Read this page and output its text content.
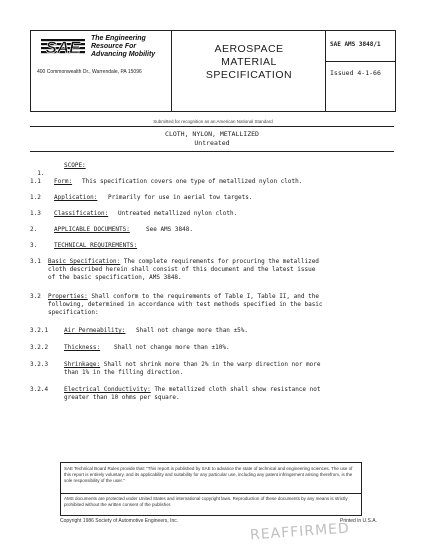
SAE The Engineering
Resource For
Advancing Mobility
400 Commonwealth Dr., Warrendale, PA 15096
AEROSPACE
MATERIAL
SPECIFICATION
SAE AMS 3848/1
Issued 4-1-66
Submitted for recognition as an American National Standard
CLOTH, NYLON, METALLIZED
Untreated

1.

SCOPE:
1.1 Form: This specification covers one type of metallized nylon cloth.
1.2 Application: Primarily for use in aerial tow targets.
1.3 Classification: Untreated metallized nylon cloth.
2.	APPLICABLE DOCUMENTS:	See AMS 3848.
3.	TECHNICAL REQUIREMENTS:
3.1 Basic Specification: The complete requirements for procuring the metallized
cloth described herein shall consist of this document and the latest issue
of the basic specification, AMS 3848.
3.2 Properties: Shall conform to the requirements of Table I, Table II, and the
following, determined in accordance with test methods specified in the basic
specification:
3.2.1	Air Permeability: Shall not change more than ±5%.
3.2.2	Thickness: Shall not change more than ±10%.
3.2.3	Shrinkage: Shall not shrink more than 2% in the warp direction nor more
than 1% in the filling direction.
3.2.4	Electrical Conductivity: The metallized cloth shall show resistance not
greater than 10 ohms per square.
SAE Technical Board Rules provide that: "This report is published by SAE to advance the state of technical and engineering sciences. The use of this report is entirely voluntary, and its applicability and suitability for any particular use, including any patent infringement arising therefrom, is the sole responsibility of the user."
AMS documents are protected under United States and international copyright laws. Reproduction of these documents by any means is strictly prohibited without the written consent of the publisher.
Copyright 1986 Society of Automotive Engineers, Inc.	Printed in U.S.A.
REAFFIRMED
